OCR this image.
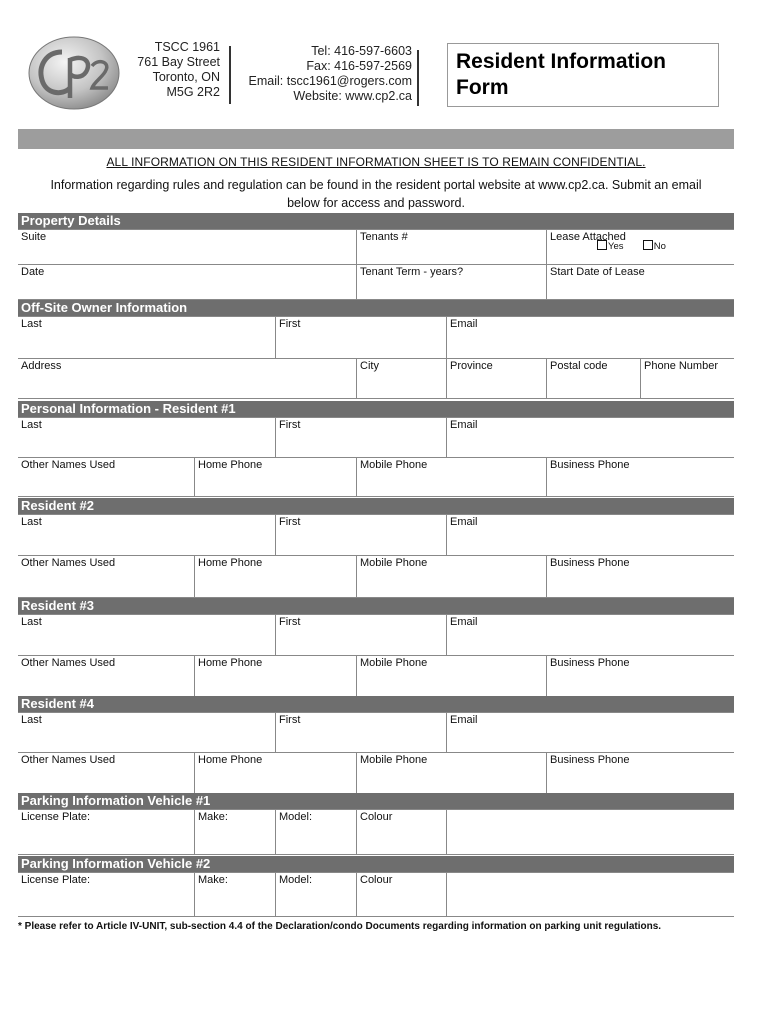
TSCC 1961
761 Bay Street
Toronto, ON
M5G 2R2
Tel: 416-597-6603
Fax: 416-597-2569
Email: tscc1961@rogers.com
Website: www.cp2.ca
Resident Information
Form
ALL INFORMATION ON THIS RESIDENT INFORMATION SHEET IS TO REMAIN CONFIDENTIAL.
Information regarding rules and regulation can be found in the resident portal website at www.cp2.ca. Submit an email
below for access and password.
Property Details
Suite	Tenants #	Lease Attached
Yes	No
Date	Tenant Term - years?	Start Date of Lease
Off-Site Owner Information
Last	First	Email
Address	City	Province	Postal code	Phone Number
Personal Information - Resident #1
Last	First	Email
Other Names Used	Home Phone	Mobile Phone	Business Phone
Resident #2
Last	First	Email
Other Names Used	Home Phone	Mobile Phone	Business Phone
Resident #3
Last	First	Email
Other Names Used	Home Phone	Mobile Phone	Business Phone
Resident #4
Last	First	Email
Other Names Used	Home Phone	Mobile Phone	Business Phone
Parking Information Vehicle #1
License Plate:	Make:	Model:	Colour
Parking Information Vehicle #2
License Plate:	Make:	Model:	Colour
* Please refer to Article IV-UNIT, sub-section 4.4 of the Declaration/condo Documents regarding information on parking unit regulations.
